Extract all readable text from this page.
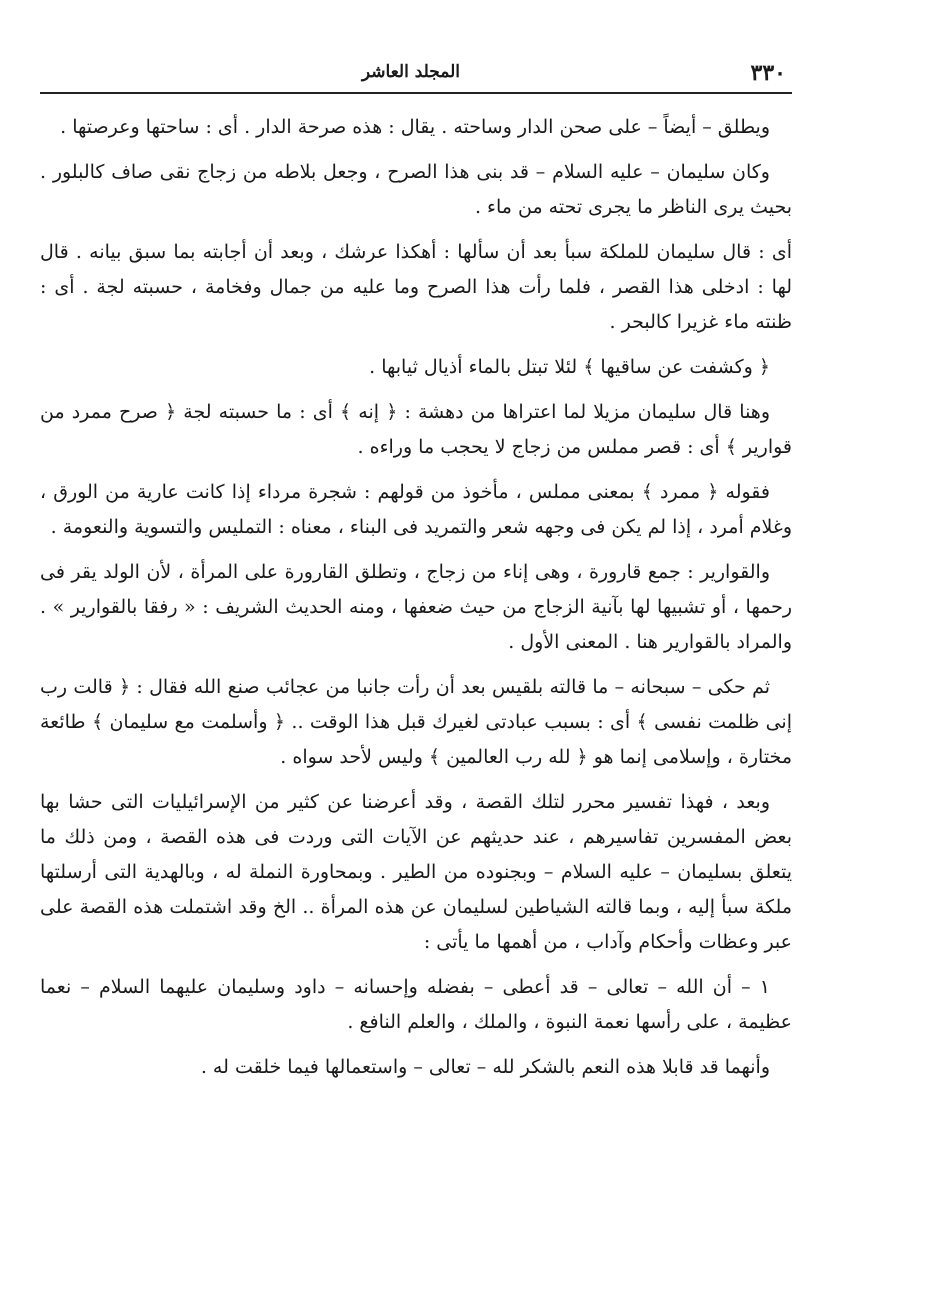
٣٣٠
المجلد العاشر

ويطلق – أيضاً – على صحن الدار وساحته . يقال : هذه صرحة الدار . أى : ساحتها وعرصتها .

وكان سليمان – عليه السلام – قد بنى هذا الصرح ، وجعل بلاطه من زجاج نقى صاف كالبلور . بحيث يرى الناظر ما يجرى تحته من ماء .

أى : قال سليمان للملكة سبأ بعد أن سألها : أهكذا عرشك ، وبعد أن أجابته بما سبق بيانه . قال لها : ادخلى هذا القصر ، فلما رأت هذا الصرح وما عليه من جمال وفخامة ، حسبته لجة . أى : ظنته ماء غزيرا كالبحر .

﴿ وكشفت عن ساقيها ﴾ لئلا تبتل بالماء أذيال ثيابها .

وهنا قال سليمان مزيلا لما اعتراها من دهشة : ﴿ إنه ﴾ أى : ما حسبته لجة ﴿ صرح ممرد من قوارير ﴾ أى : قصر مملس من زجاج لا يحجب ما وراءه .

فقوله ﴿ ممرد ﴾ بمعنى مملس ، مأخوذ من قولهم : شجرة مرداء إذا كانت عارية من الورق ، وغلام أمرد ، إذا لم يكن فى وجهه شعر والتمريد فى البناء ، معناه : التمليس والتسوية والنعومة .

والقوارير : جمع قارورة ، وهى إناء من زجاج ، وتطلق القارورة على المرأة ، لأن الولد يقر فى رحمها ، أو تشبيها لها بآنية الزجاج من حيث ضعفها ، ومنه الحديث الشريف : « رفقا بالقوارير » . والمراد بالقوارير هنا . المعنى الأول .

ثم حكى – سبحانه – ما قالته بلقيس بعد أن رأت جانبا من عجائب صنع الله فقال : ﴿ قالت رب إنى ظلمت نفسى ﴾ أى : بسبب عبادتى لغيرك قبل هذا الوقت .. ﴿ وأسلمت مع سليمان ﴾ طائعة مختارة ، وإسلامى إنما هو ﴿ لله رب العالمين ﴾ وليس لأحد سواه .

وبعد ، فهذا تفسير محرر لتلك القصة ، وقد أعرضنا عن كثير من الإسرائيليات التى حشا بها بعض المفسرين تفاسيرهم ، عند حديثهم عن الآيات التى وردت فى هذه القصة ، ومن ذلك ما يتعلق بسليمان – عليه السلام – وبجنوده من الطير . وبمحاورة النملة له ، وبالهدية التى أرسلتها ملكة سبأ إليه ، وبما قالته الشياطين لسليمان عن هذه المرأة .. الخ وقد اشتملت هذه القصة على عبر وعظات وأحكام وآداب ، من أهمها ما يأتى :

١ – أن الله – تعالى – قد أعطى – بفضله وإحسانه – داود وسليمان عليهما السلام – نعما عظيمة ، على رأسها نعمة النبوة ، والملك ، والعلم النافع .

وأنهما قد قابلا هذه النعم بالشكر لله – تعالى – واستعمالها فيما خلقت له .
